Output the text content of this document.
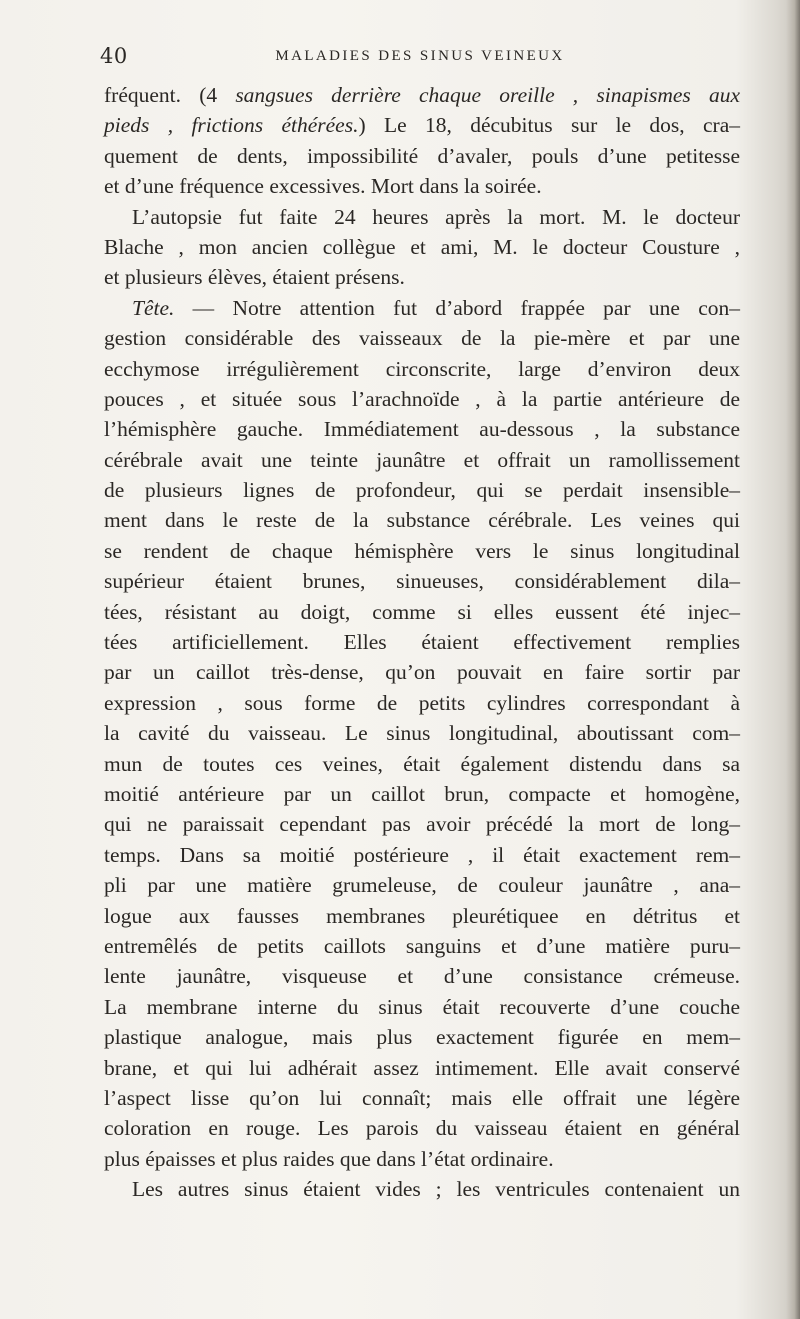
40	MALADIES DES SINUS VEINEUX
fréquent. (4 sangsues derrière chaque oreille , sinapismes aux
pieds , frictions éthérées.) Le 18, décubitus sur le dos, cra–
quement de dents, impossibilité d’avaler, pouls d’une petitesse
et d’une fréquence excessives. Mort dans la soirée.
L’autopsie fut faite 24 heures après la mort. M. le docteur
Blache , mon ancien collègue et ami, M. le docteur Cousture ,
et plusieurs élèves, étaient présens.
Tête. — Notre attention fut d’abord frappée par une con–
gestion considérable des vaisseaux de la pie-mère et par une
ecchymose irrégulièrement circonscrite, large d’environ deux
pouces , et située sous l’arachnoïde , à la partie antérieure de
l’hémisphère gauche. Immédiatement au-dessous , la substance
cérébrale avait une teinte jaunâtre et offrait un ramollissement
de plusieurs lignes de profondeur, qui se perdait insensible–
ment dans le reste de la substance cérébrale. Les veines qui
se rendent de chaque hémisphère vers le sinus longitudinal
supérieur étaient brunes, sinueuses, considérablement dila–
tées, résistant au doigt, comme si elles eussent été injec–
tées artificiellement. Elles étaient effectivement remplies
par un caillot très-dense, qu’on pouvait en faire sortir par
expression , sous forme de petits cylindres correspondant à
la cavité du vaisseau. Le sinus longitudinal, aboutissant com–
mun de toutes ces veines, était également distendu dans sa
moitié antérieure par un caillot brun, compacte et homogène,
qui ne paraissait cependant pas avoir précédé la mort de long–
temps. Dans sa moitié postérieure , il était exactement rem–
pli par une matière grumeleuse, de couleur jaunâtre , ana–
logue aux fausses membranes pleurétiquee en détritus et
entremêlés de petits caillots sanguins et d’une matière puru–
lente jaunâtre, visqueuse et d’une consistance crémeuse.
La membrane interne du sinus était recouverte d’une couche
plastique analogue, mais plus exactement figurée en mem–
brane, et qui lui adhérait assez intimement. Elle avait conservé
l’aspect lisse qu’on lui connaît; mais elle offrait une légère
coloration en rouge. Les parois du vaisseau étaient en général
plus épaisses et plus raides que dans l’état ordinaire.
Les autres sinus étaient vides ; les ventricules contenaient un
